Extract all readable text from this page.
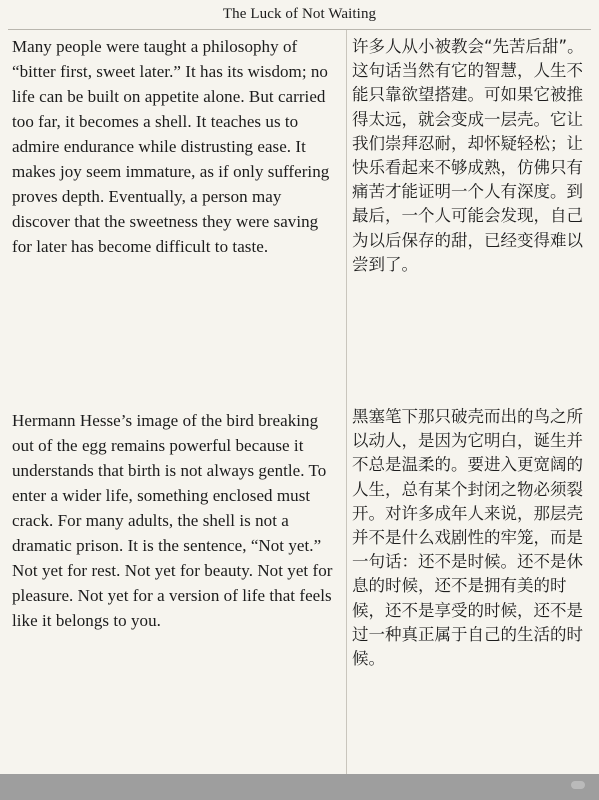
The Luck of Not Waiting
Many people were taught a philosophy of “bitter first, sweet later.” It has its wisdom; no life can be built on appetite alone. But carried too far, it becomes a shell. It teaches us to admire endurance while distrusting ease. It makes joy seem immature, as if only suffering proves depth. Eventually, a person may discover that the sweetness they were saving for later has become difficult to taste.
许多人从小被教会“先苦后甜”。这句话当然有它的智慧，人生不能只靠欲望搭建。可如果它被推得太远，就会变成一层壳。它让我们崇拜忍耐，却怀疑轻松；让快乐看起来不够成熟，仿佛只有痛苦才能证明一个人有深度。到最后，一个人可能会发现，自己为以后保存的甜，已经变得难以尝到了。
Hermann Hesse’s image of the bird breaking out of the egg remains powerful because it understands that birth is not always gentle. To enter a wider life, something enclosed must crack. For many adults, the shell is not a dramatic prison. It is the sentence, “Not yet.” Not yet for rest. Not yet for beauty. Not yet for pleasure. Not yet for a version of life that feels like it belongs to you.
黑塞笔下那只破壳而出的鸟之所以动人，是因为它明白，诞生并不总是温柔的。要进入更宽阔的人生，总有某个封闭之物必须裂开。对许多成年人来说，那层壳并不是什么戏剧性的牢笼，而是一句话：还不是时候。还不是休息的时候，还不是拥有美的时候，还不是享受的时候，还不是过一种真正属于自己的生活的时候。
